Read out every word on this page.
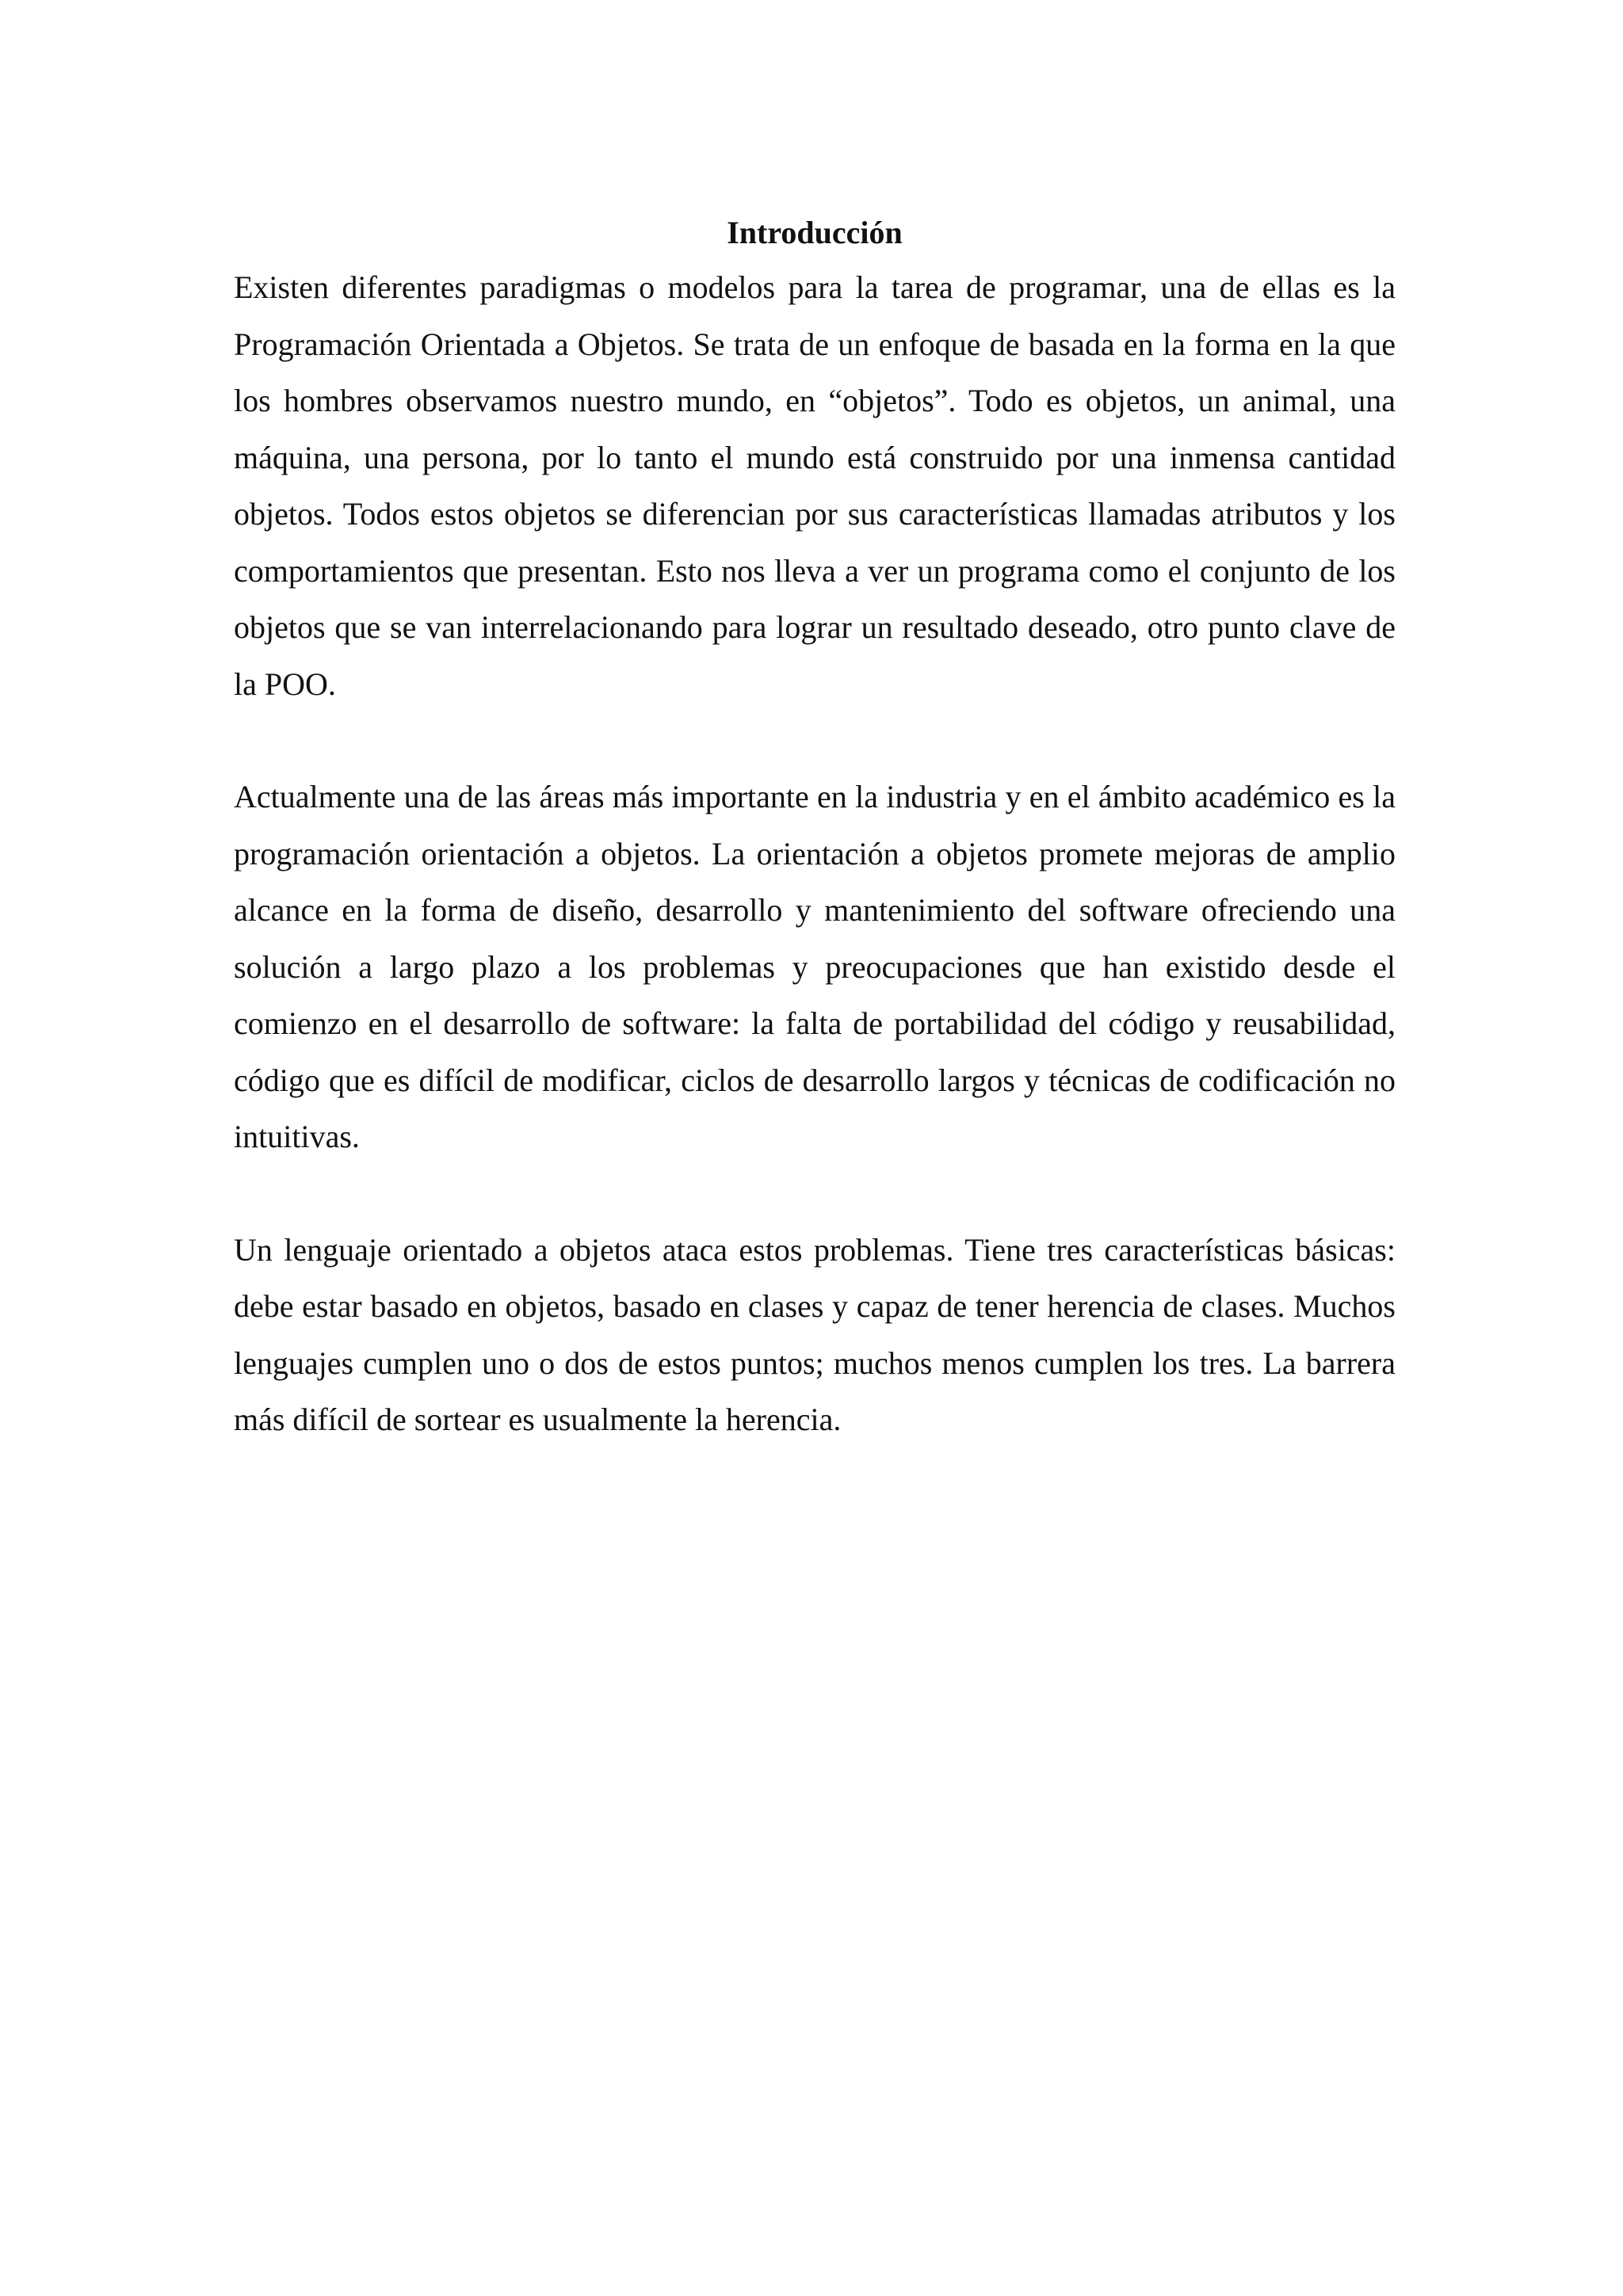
Introducción

Existen diferentes paradigmas o modelos para la tarea de programar, una de ellas es la Programación Orientada a Objetos. Se trata de un enfoque de basada en la forma en la que los hombres observamos nuestro mundo, en “objetos”. Todo es objetos, un animal, una máquina, una persona, por lo tanto el mundo está construido por una inmensa cantidad objetos. Todos estos objetos se diferencian por sus características llamadas atributos y los comportamientos que presentan. Esto nos lleva a ver un programa como el conjunto de los objetos que se van interrelacionando para lograr un resultado deseado, otro punto clave de la POO.

Actualmente una de las áreas más importante en la industria y en el ámbito académico es la programación orientación a objetos. La orientación a objetos promete mejoras de amplio alcance en la forma de diseño, desarrollo y mantenimiento del software ofreciendo una solución a largo plazo a los problemas y preocupaciones que han existido desde el comienzo en el desarrollo de software: la falta de portabilidad del código y reusabilidad, código que es difícil de modificar, ciclos de desarrollo largos y técnicas de codificación no intuitivas.

Un lenguaje orientado a objetos ataca estos problemas. Tiene tres características básicas: debe estar basado en objetos, basado en clases y capaz de tener herencia de clases. Muchos lenguajes cumplen uno o dos de estos puntos; muchos menos cumplen los tres. La barrera más difícil de sortear es usualmente la herencia.
